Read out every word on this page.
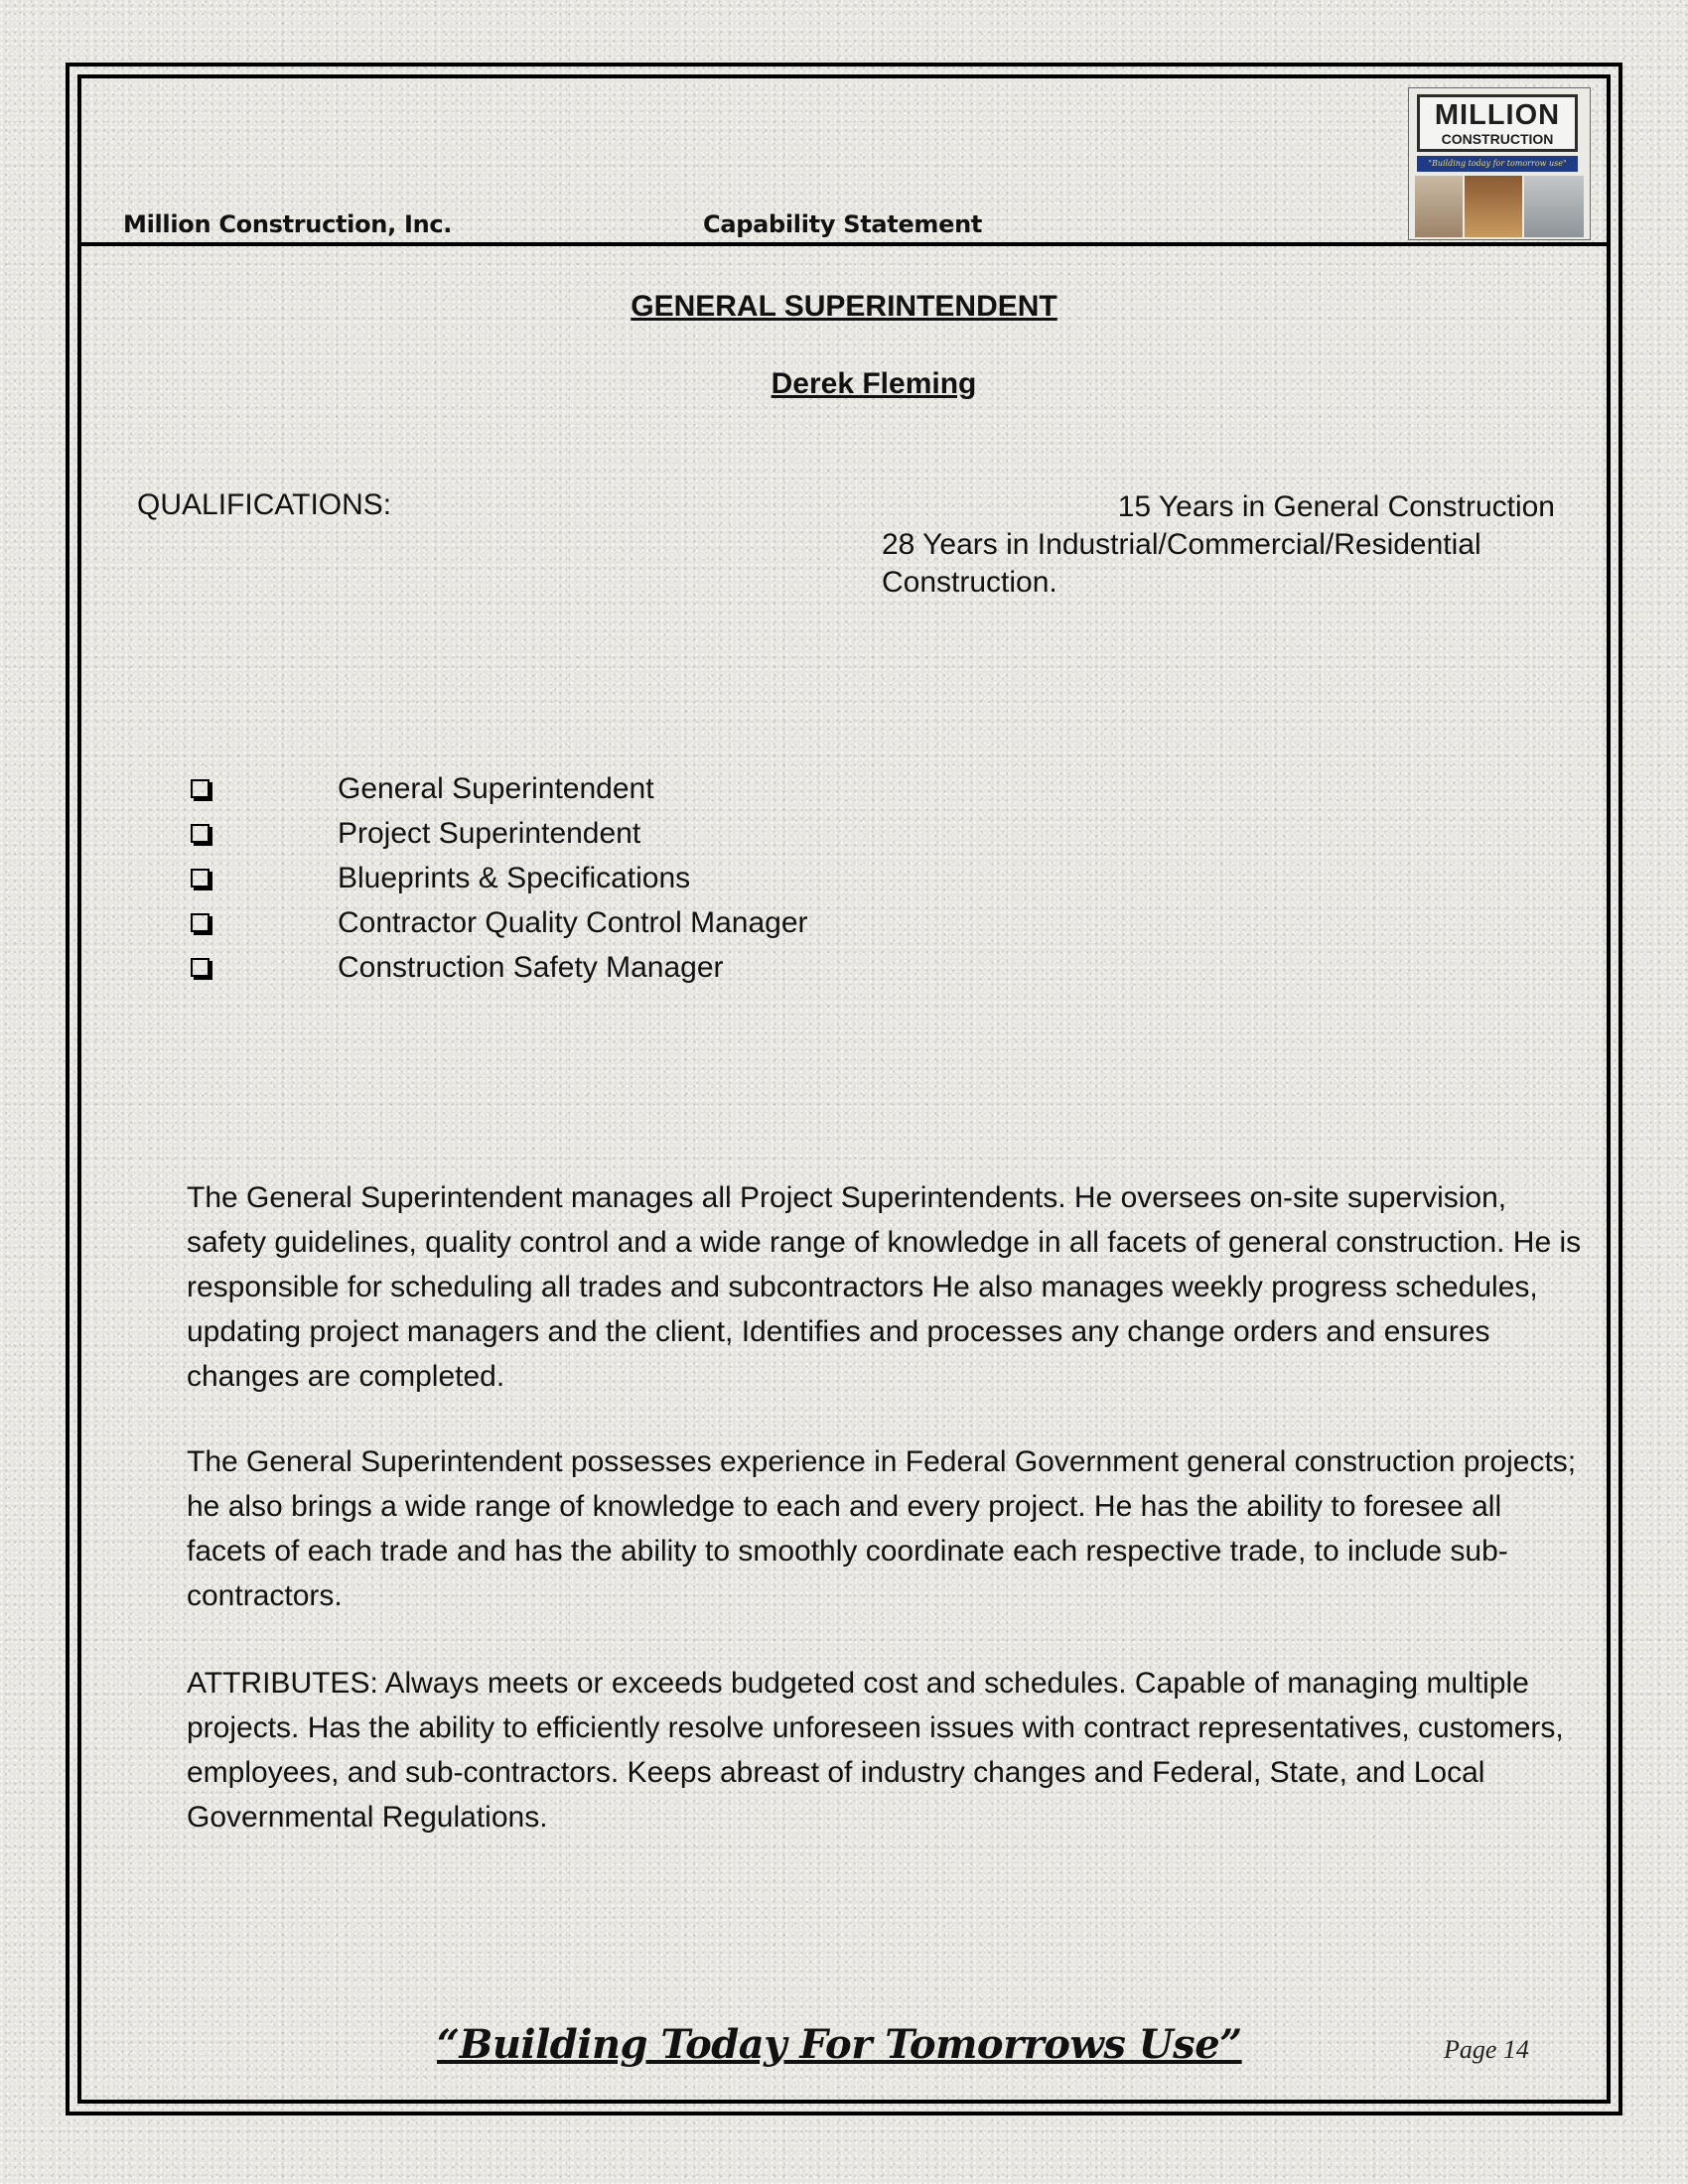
Million Construction, Inc.	Capability Statement
MILLION
CONSTRUCTION
"Building today for tomorrow use"
GENERAL SUPERINTENDENT
Derek Fleming
QUALIFICATIONS:	15 Years in General Construction
28 Years in Industrial/Commercial/Residential Construction.
General Superintendent
Project Superintendent
Blueprints & Specifications
Contractor Quality Control Manager
Construction Safety Manager

The General Superintendent manages all Project Superintendents. He oversees on-site supervision, safety guidelines, quality control and a wide range of knowledge in all facets of general construction. He is responsible for scheduling all trades and subcontractors He also manages weekly progress schedules, updating project managers and the client, Identifies and processes any change orders and ensures changes are completed.

The General Superintendent possesses experience in Federal Government general construction projects; he also brings a wide range of knowledge to each and every project. He has the ability to foresee all facets of each trade and has the ability to smoothly coordinate each respective trade, to include sub-contractors.

ATTRIBUTES: Always meets or exceeds budgeted cost and schedules. Capable of managing multiple projects. Has the ability to efficiently resolve unforeseen issues with contract representatives, customers, employees, and sub-contractors. Keeps abreast of industry changes and Federal, State, and Local Governmental Regulations.

“Building Today For Tomorrows Use”	Page 14
